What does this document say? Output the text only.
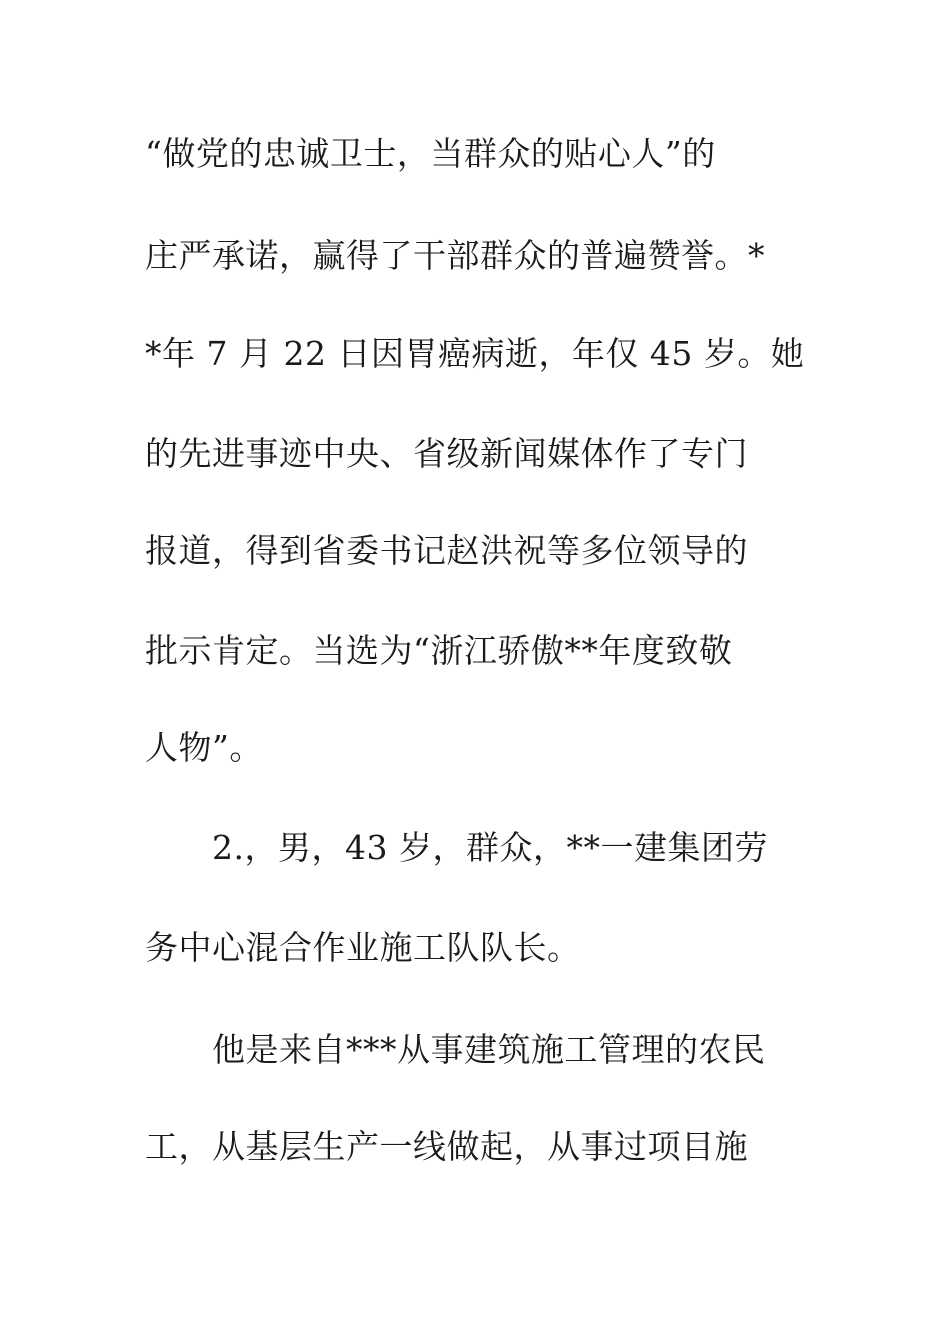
“做党的忠诚卫士，当群众的贴心人”的
庄严承诺，赢得了干部群众的普遍赞誉。*
*年 7 月 22 日因胃癌病逝，年仅 45 岁。她
的先进事迹中央、省级新闻媒体作了专门
报道，得到省委书记赵洪祝等多位领导的
批示肯定。当选为“浙江骄傲**年度致敬
人物”。
2.，男，43 岁，群众，**一建集团劳
务中心混合作业施工队队长。
他是来自***从事建筑施工管理的农民
工，从基层生产一线做起，从事过项目施
